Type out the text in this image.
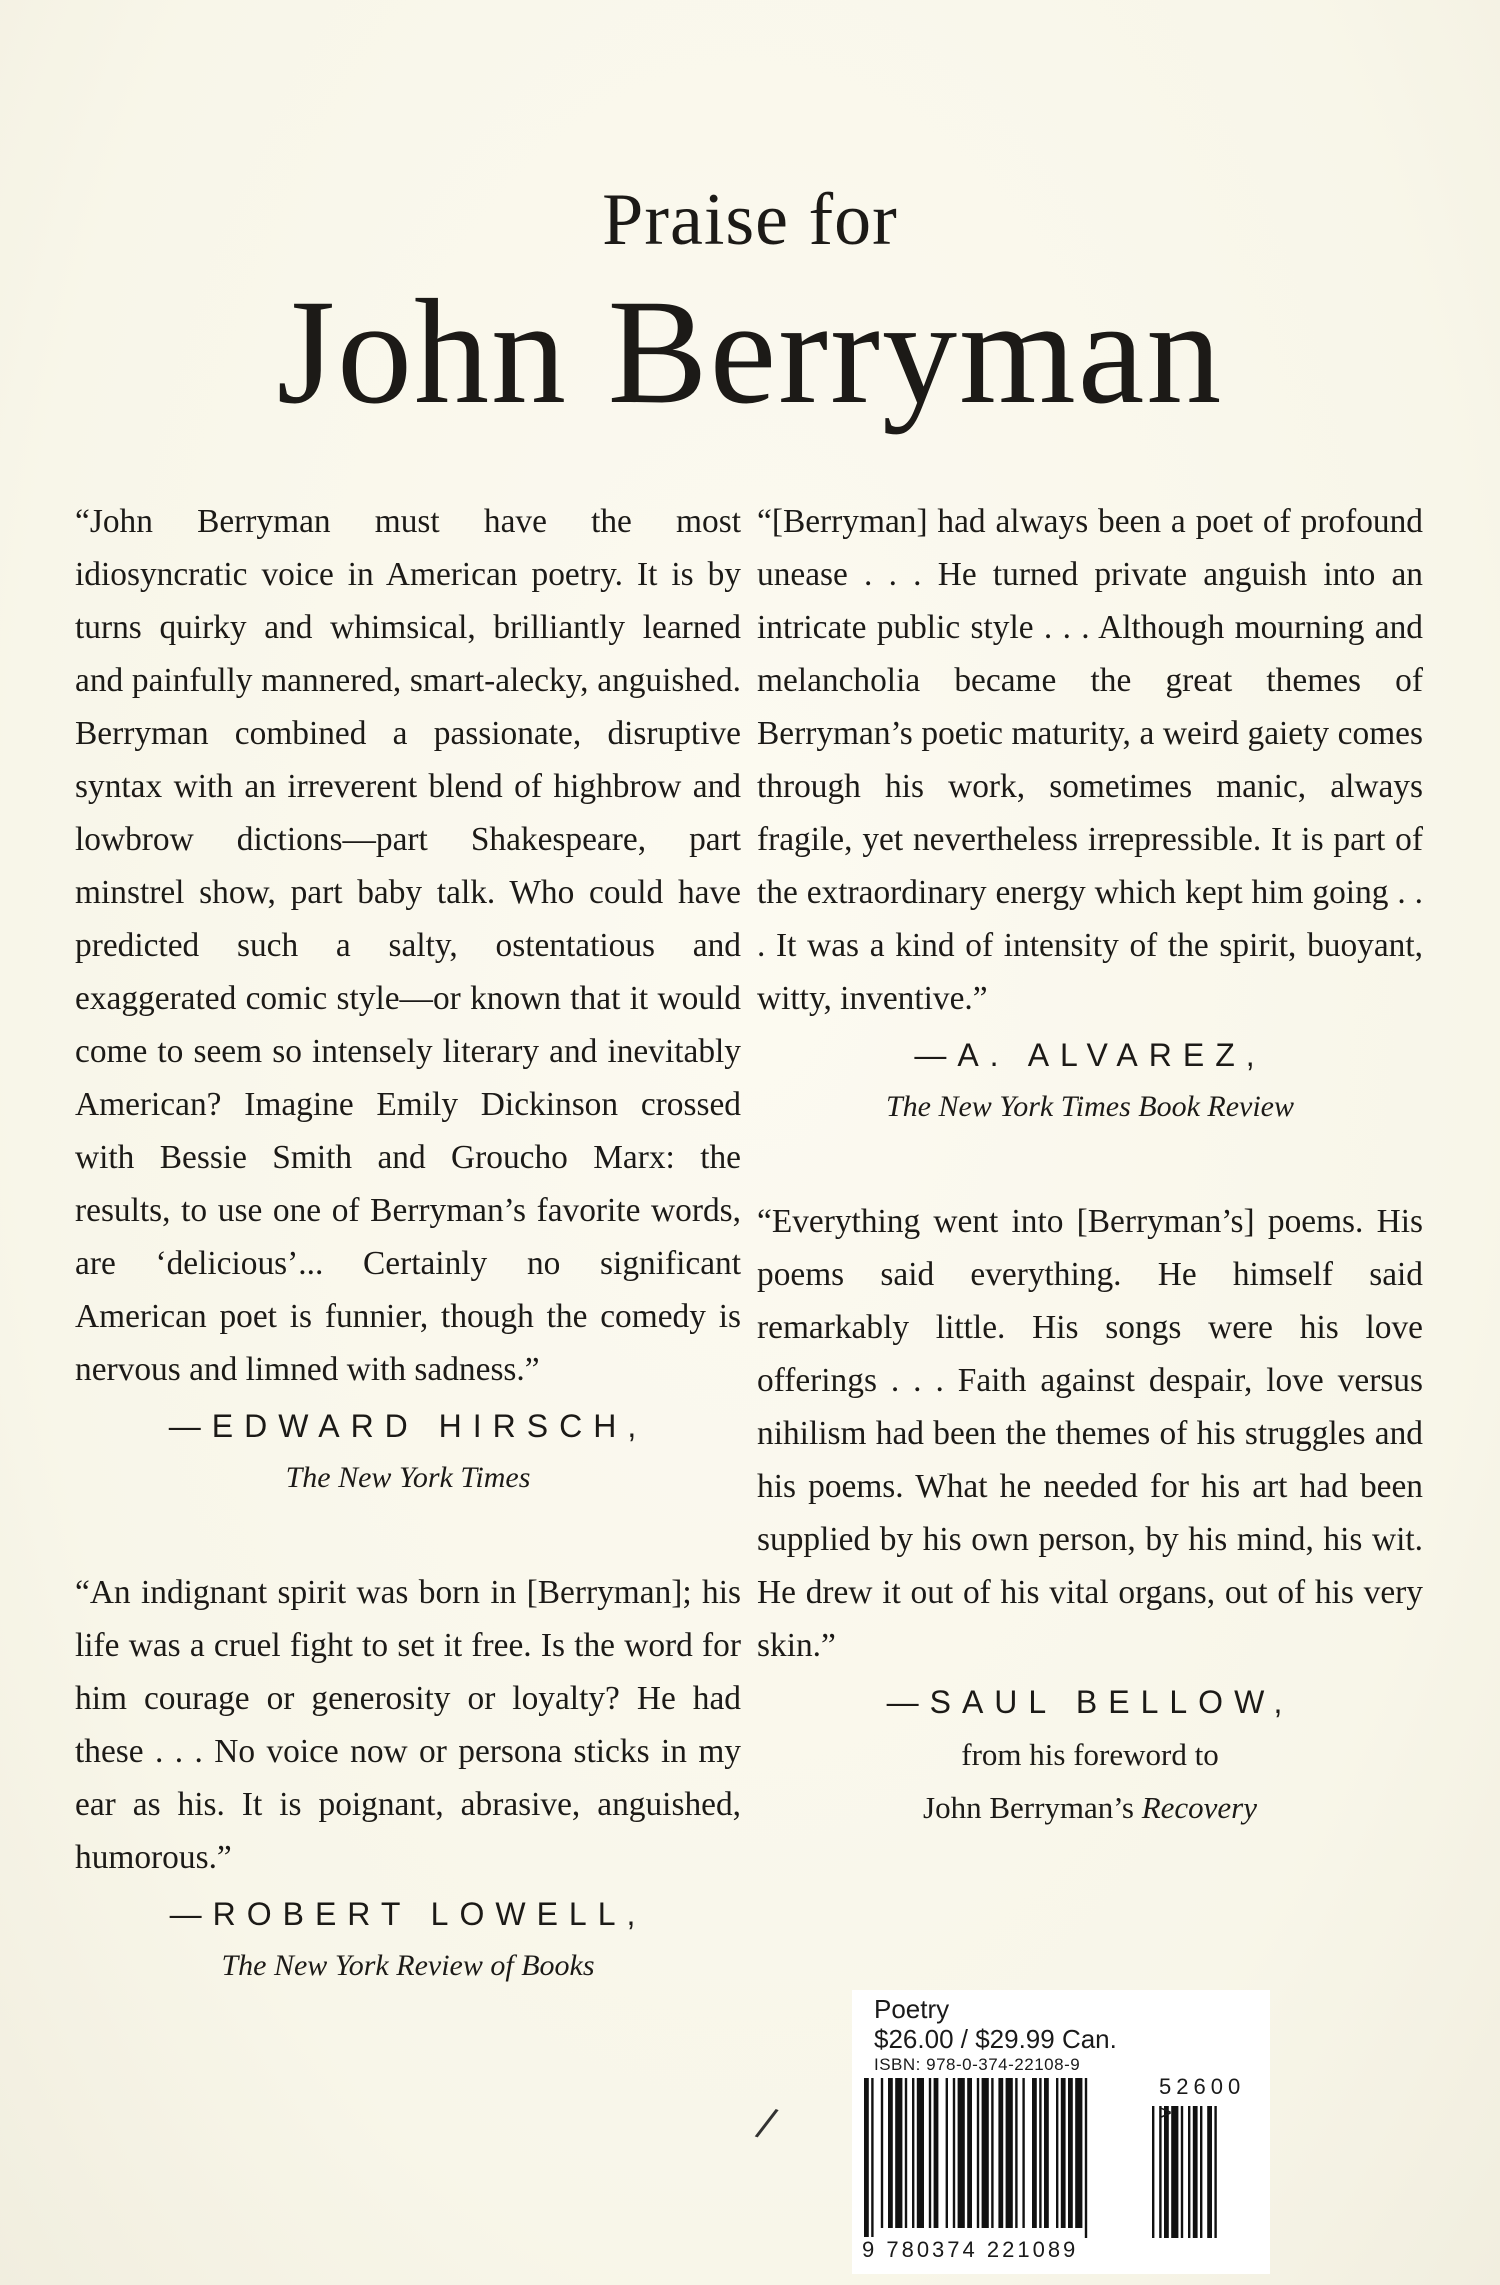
Praise for
John Berryman

“John Berryman must have the most idiosyncratic voice in American poetry. It is by turns quirky and whimsical, brilliantly learned and painfully mannered, smart-alecky, anguished. Berryman combined a passionate, disruptive syntax with an irreverent blend of highbrow and lowbrow dictions—part Shakespeare, part minstrel show, part baby talk. Who could have predicted such a salty, ostentatious and exaggerated comic style—or known that it would come to seem so intensely literary and inevitably American? Imagine Emily Dickinson crossed with Bessie Smith and Groucho Marx: the results, to use one of Berryman’s favorite words, are ‘delicious’... Certainly no significant American poet is funnier, though the comedy is nervous and limned with sadness.”

—EDWARD HIRSCH,
The New York Times

“An indignant spirit was born in [Berryman]; his life was a cruel fight to set it free. Is the word for him courage or generosity or loyalty? He had these . . . No voice now or persona sticks in my ear as his. It is poignant, abrasive, anguished, humorous.”

—ROBERT LOWELL,
The New York Review of Books

“[Berryman] had always been a poet of profound unease . . . He turned private anguish into an intricate public style . . . Although mourning and melancholia became the great themes of Berryman’s poetic maturity, a weird gaiety comes through his work, sometimes manic, always fragile, yet nevertheless irrepressible. It is part of the extraordinary energy which kept him going . . . It was a kind of intensity of the spirit, buoyant, witty, inventive.”

—A. ALVAREZ,
The New York Times Book Review

“Everything went into [Berryman’s] poems. His poems said everything. He himself said remarkably little. His songs were his love offerings . . . Faith against despair, love versus nihilism had been the themes of his struggles and his poems. What he needed for his art had been supplied by his own person, by his mind, his wit. He drew it out of his vital organs, out of his very skin.”

—SAUL BELLOW,
from his foreword to
John Berryman’s Recovery
/
Poetry
$26.00 / $29.99 Can.
ISBN: 978-0-374-22108-9
52600 >
9 780374 221089
